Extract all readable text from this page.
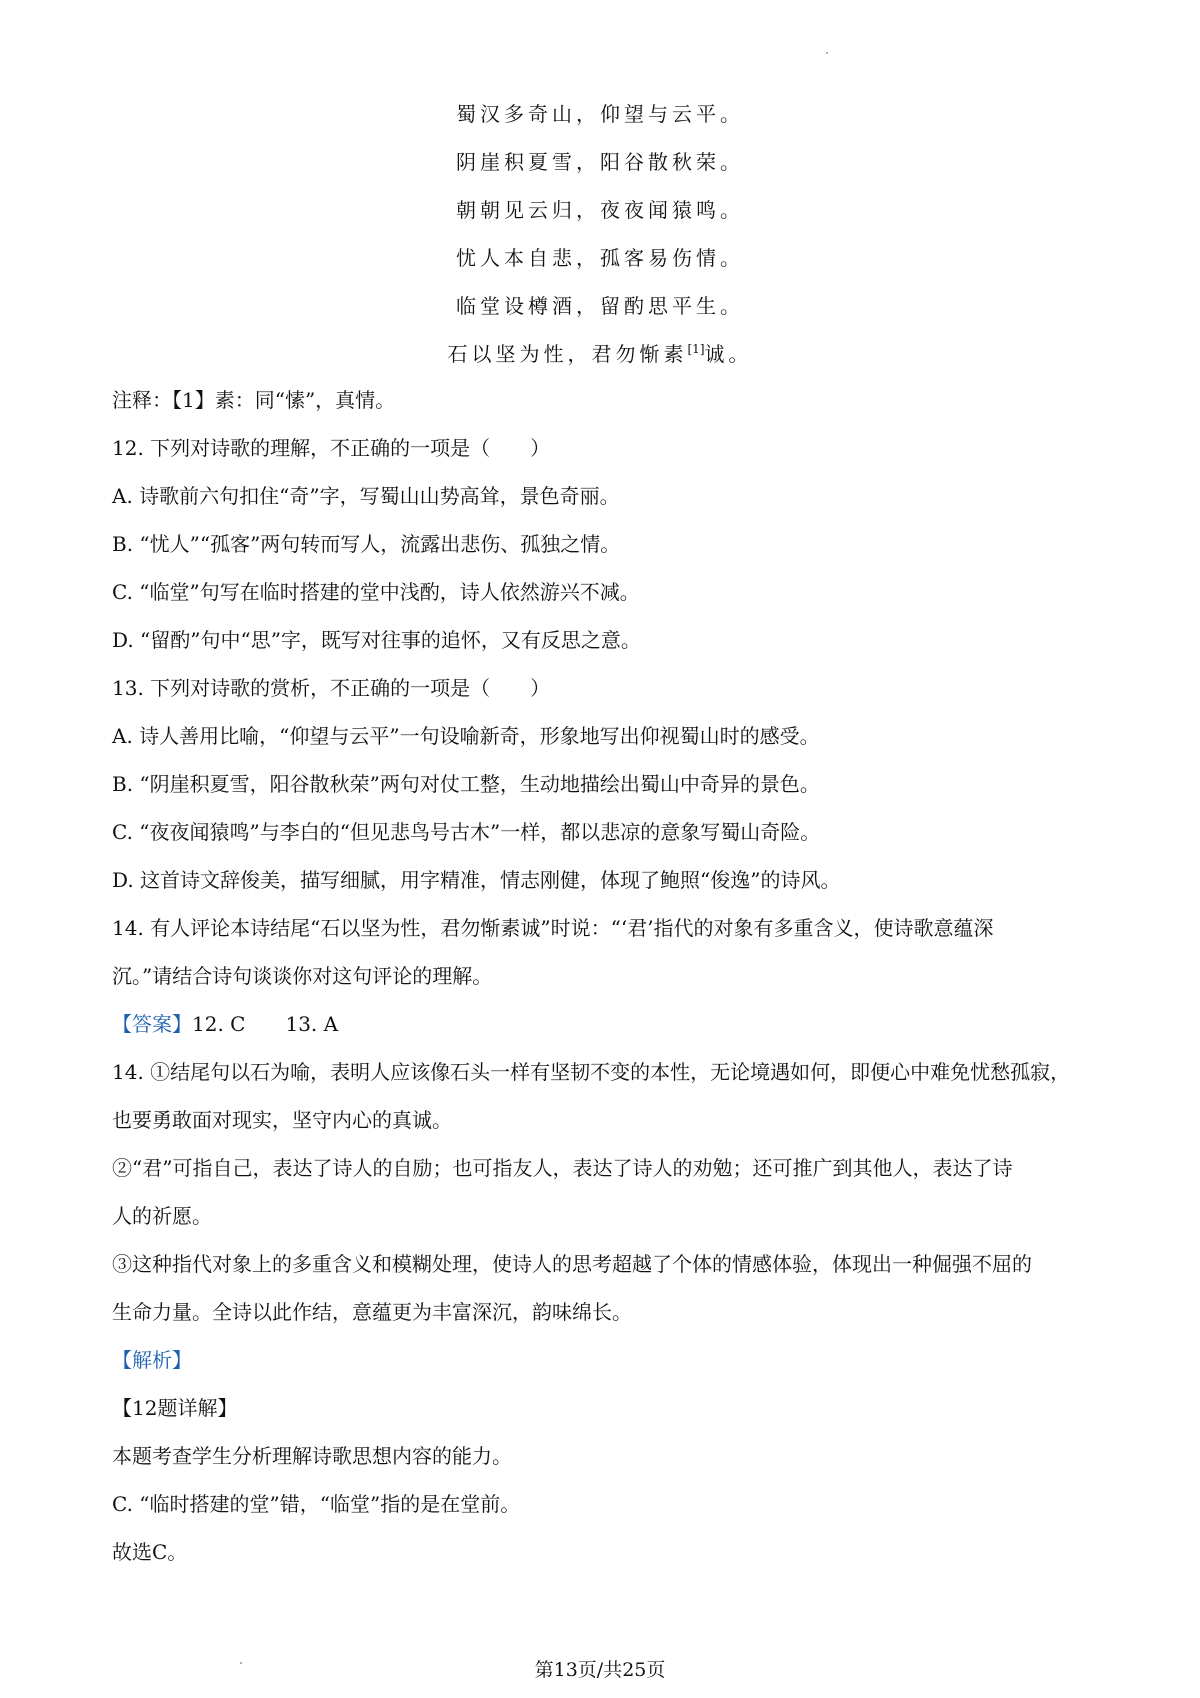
蜀汉多奇山，仰望与云平。
阴崖积夏雪，阳谷散秋荣。
朝朝见云归，夜夜闻猿鸣。
忧人本自悲，孤客易伤情。
临堂设樽酒，留酌思平生。
石以坚为性，君勿惭素[1]诚。
注释：【1】素：同“愫”，真情。
12. 下列对诗歌的理解，不正确的一项是（　　）
A. 诗歌前六句扣住“奇”字，写蜀山山势高耸，景色奇丽。
B. “忧人”“孤客”两句转而写人，流露出悲伤、孤独之情。
C. “临堂”句写在临时搭建的堂中浅酌，诗人依然游兴不减。
D. “留酌”句中“思”字，既写对往事的追怀，又有反思之意。
13. 下列对诗歌的赏析，不正确的一项是（　　）
A. 诗人善用比喻，“仰望与云平”一句设喻新奇，形象地写出仰视蜀山时的感受。
B. “阴崖积夏雪，阳谷散秋荣”两句对仗工整，生动地描绘出蜀山中奇异的景色。
C. “夜夜闻猿鸣”与李白的“但见悲鸟号古木”一样，都以悲凉的意象写蜀山奇险。
D. 这首诗文辞俊美，描写细腻，用字精准，情志刚健，体现了鲍照“俊逸”的诗风。
14. 有人评论本诗结尾“石以坚为性，君勿惭素诚”时说：“‘君’指代的对象有多重含义，使诗歌意蕴深
沉。”请结合诗句谈谈你对这句评论的理解。
【答案】12. C　　13. A
14. ①结尾句以石为喻，表明人应该像石头一样有坚韧不变的本性，无论境遇如何，即便心中难免忧愁孤寂，
也要勇敢面对现实，坚守内心的真诚。
②“君”可指自己，表达了诗人的自励；也可指友人，表达了诗人的劝勉；还可推广到其他人，表达了诗
人的祈愿。
③这种指代对象上的多重含义和模糊处理，使诗人的思考超越了个体的情感体验，体现出一种倔强不屈的
生命力量。全诗以此作结，意蕴更为丰富深沉，韵味绵长。
【解析】
【12题详解】
本题考查学生分析理解诗歌思想内容的能力。
C. “临时搭建的堂”错，“临堂”指的是在堂前。
故选C。
第13页/共25页
